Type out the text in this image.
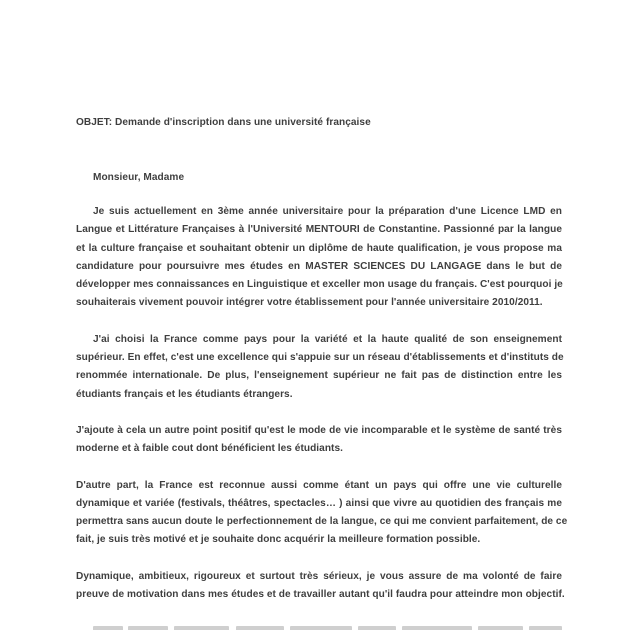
OBJET: Demande d'inscription dans une université française

Monsieur, Madame

Je suis actuellement en 3ème année universitaire pour la préparation d'une Licence LMD en
Langue et Littérature Françaises à l'Université MENTOURI de Constantine. Passionné par la langue
et la culture française et souhaitant obtenir un diplôme de haute qualification, je vous propose ma
candidature pour poursuivre mes études en MASTER SCIENCES DU LANGAGE dans le but de
développer mes connaissances en Linguistique et exceller mon usage du français. C'est pourquoi je
souhaiterais vivement pouvoir intégrer votre établissement pour l'année universitaire 2010/2011.
J'ai choisi la France comme pays pour la variété et la haute qualité de son enseignement
supérieur. En effet, c'est une excellence qui s'appuie sur un réseau d'établissements et d'instituts de
renommée internationale. De plus, l'enseignement supérieur ne fait pas de distinction entre les
étudiants français et les étudiants étrangers.
J'ajoute à cela un autre point positif qu'est le mode de vie incomparable et le système de santé très
moderne et à faible cout dont bénéficient les étudiants.
D'autre part, la France est reconnue aussi comme étant un pays qui offre une vie culturelle
dynamique et variée (festivals, théâtres, spectacles… ) ainsi que vivre au quotidien des français me
permettra sans aucun doute le perfectionnement de la langue, ce qui me convient parfaitement, de ce
fait, je suis très motivé et je souhaite donc acquérir la meilleure formation possible.
Dynamique, ambitieux, rigoureux et surtout très sérieux, je vous assure de ma volonté de faire
preuve de motivation dans mes études et de travailler autant qu'il faudra pour atteindre mon objectif.
